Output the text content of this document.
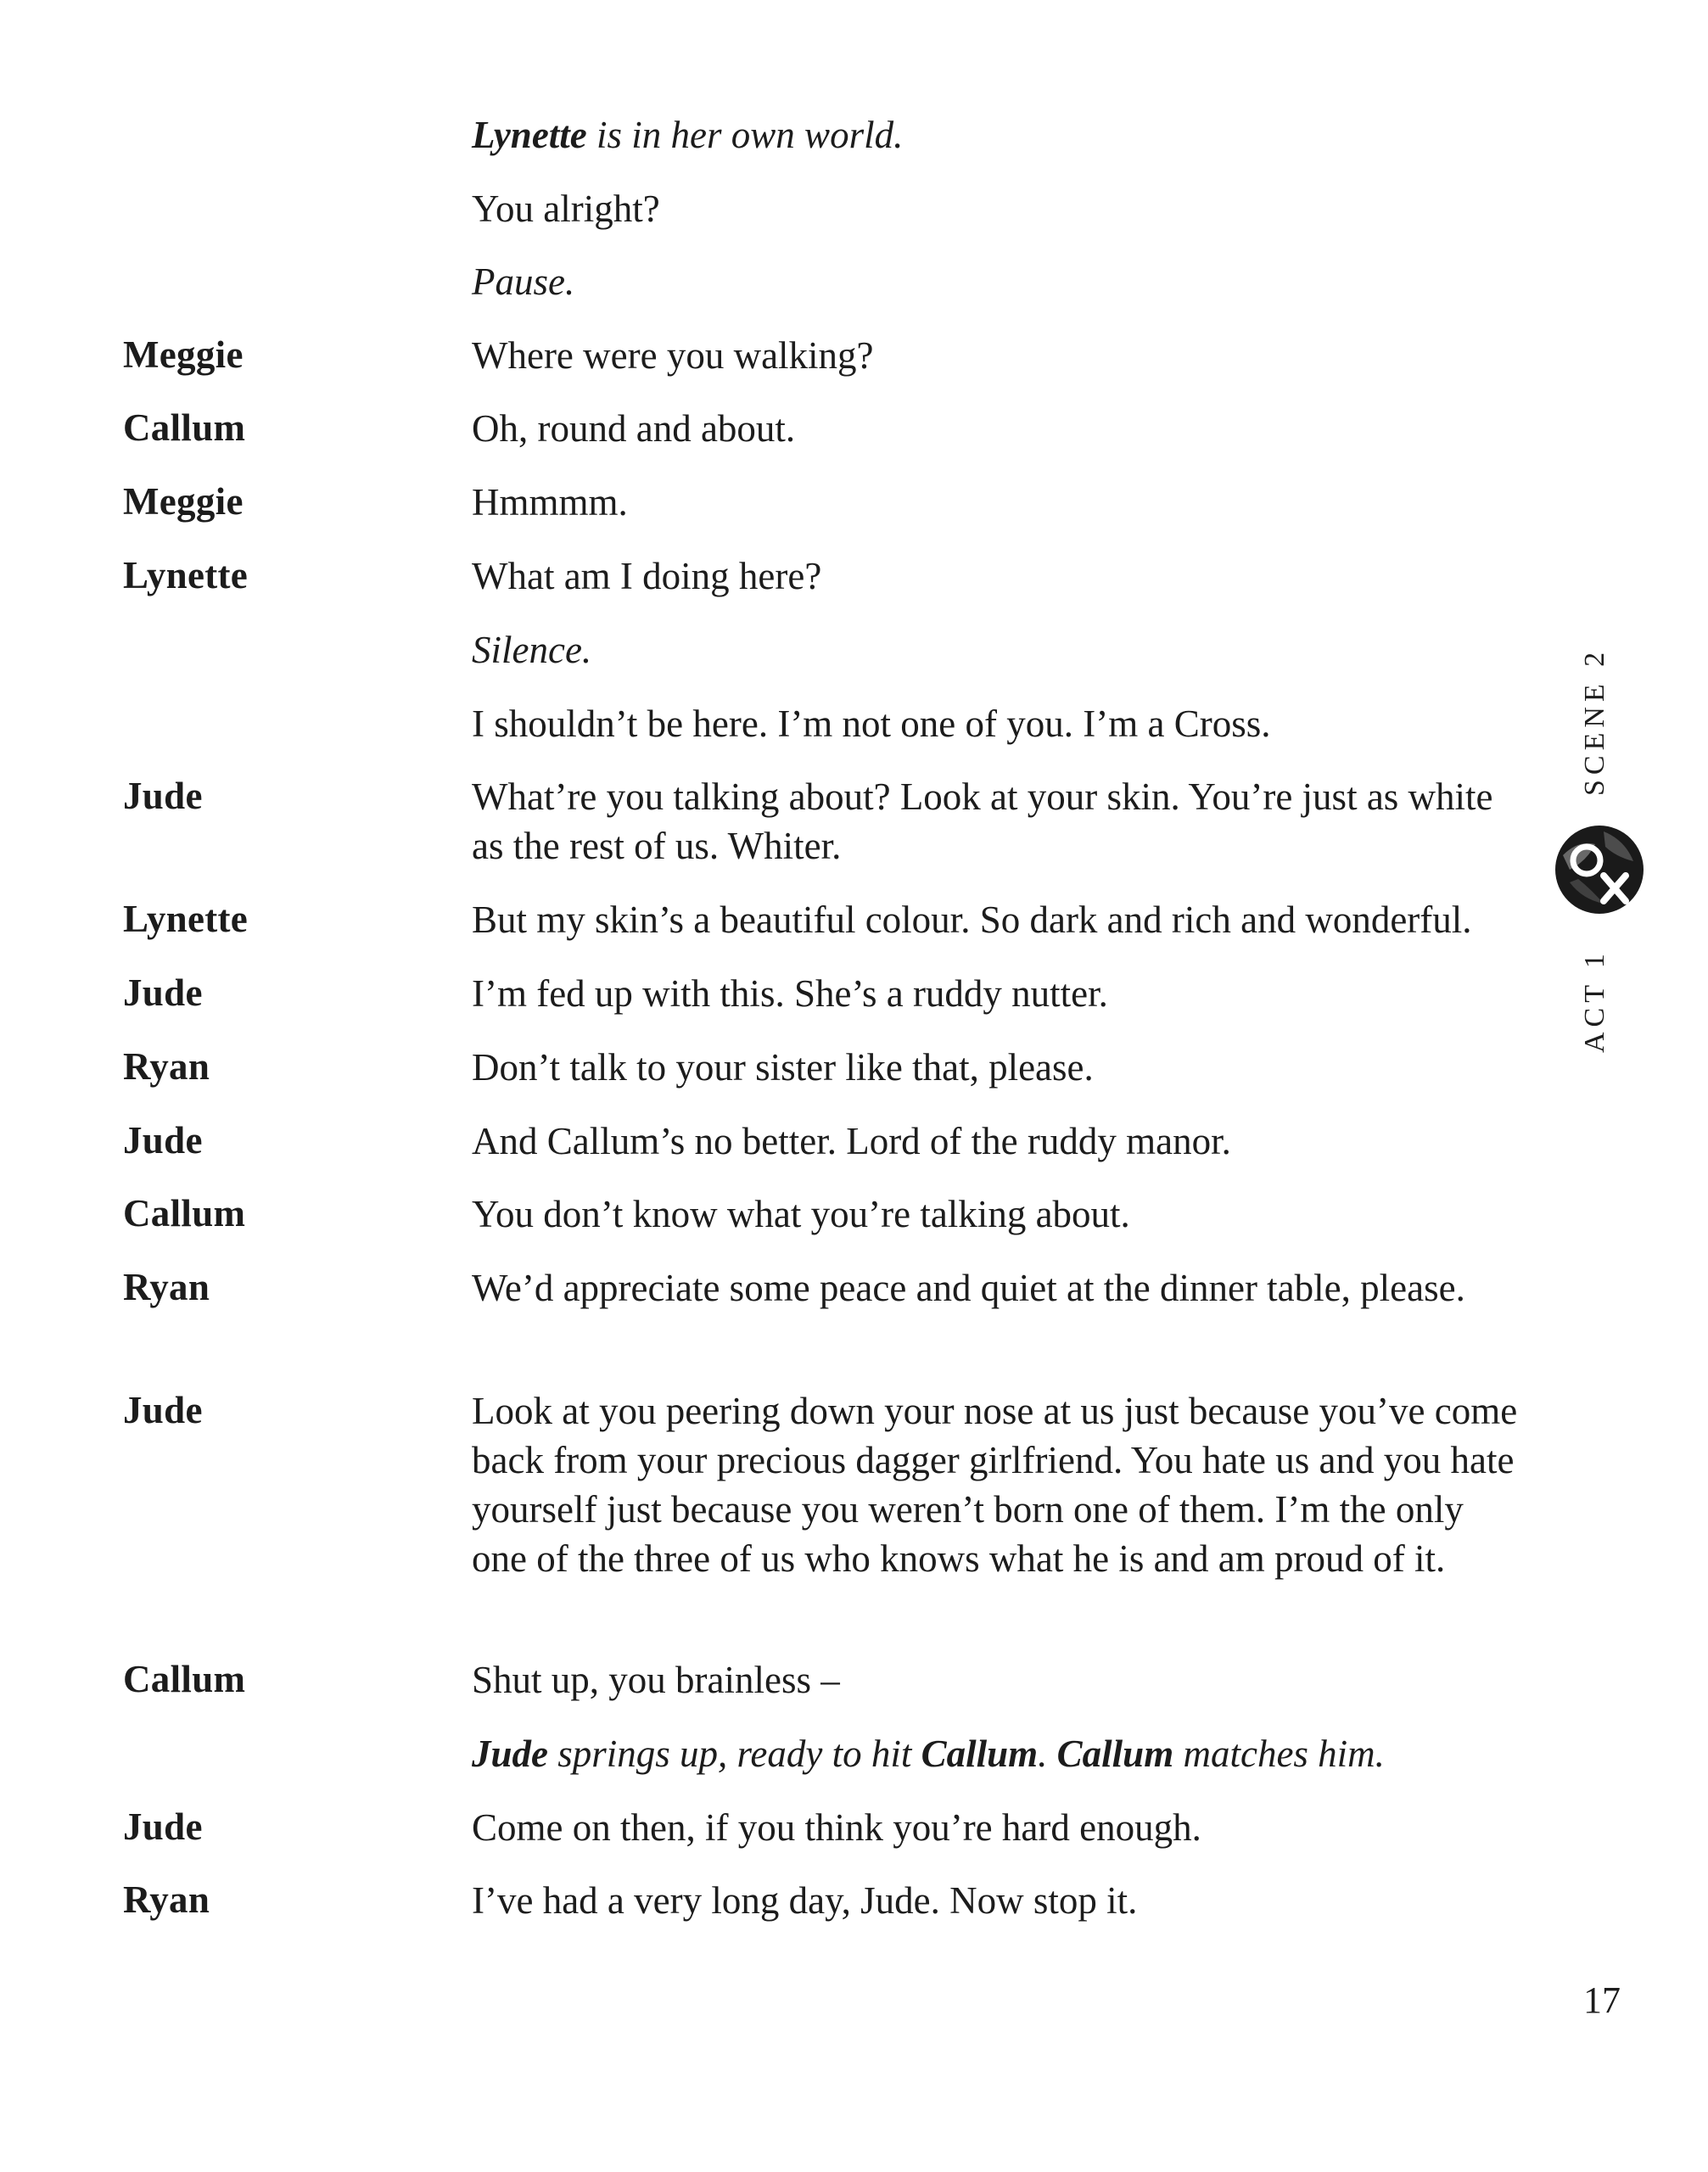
Lynette is in her own world.
You alright?
Pause.
Meggie	Where were you walking?
Callum	Oh, round and about.
Meggie	Hmmmm.
Lynette	What am I doing here?
Silence.
I shouldn’t be here. I’m not one of you. I’m a Cross.
Jude	What’re you talking about? Look at your skin. You’re just as white as the rest of us. Whiter.
Lynette	But my skin’s a beautiful colour. So dark and rich and wonderful.
Jude	I’m fed up with this. She’s a ruddy nutter.
Ryan	Don’t talk to your sister like that, please.
Jude	And Callum’s no better. Lord of the ruddy manor.
Callum	You don’t know what you’re talking about.
Ryan	We’d appreciate some peace and quiet at the dinner table, please.
Jude	Look at you peering down your nose at us just because you’ve come back from your precious dagger girlfriend. You hate us and you hate yourself just because you weren’t born one of them. I’m the only one of the three of us who knows what he is and am proud of it.
Callum	Shut up, you brainless –
Jude springs up, ready to hit Callum. Callum matches him.
Jude	Come on then, if you think you’re hard enough.
Ryan	I’ve had a very long day, Jude. Now stop it.
SCENE 2
ACT 1
17
